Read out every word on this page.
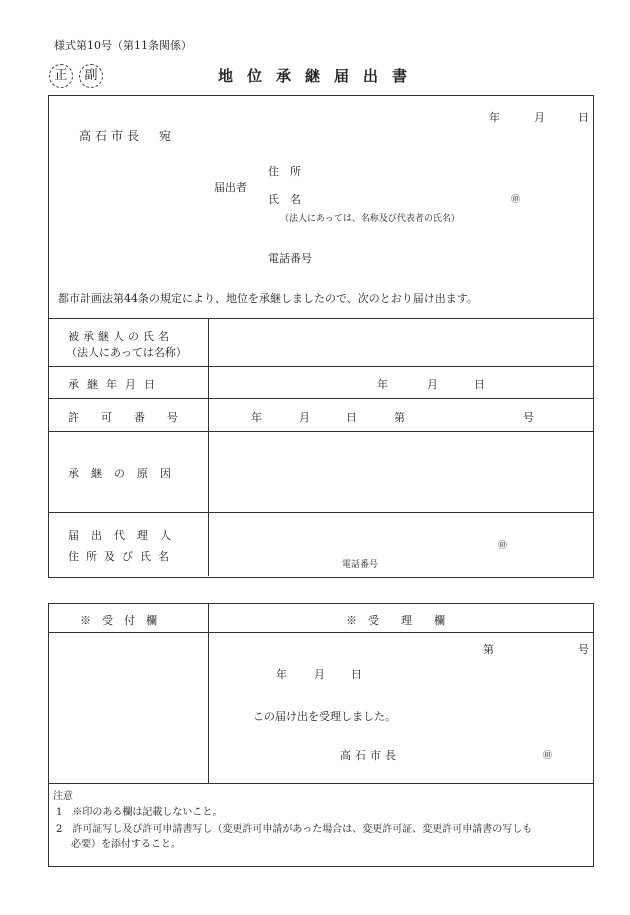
様式第10号（第11条関係）
正	副	地位承継届出書
年	月	日
高石市長　宛
届出者
住　所
氏　名	㊞
（法人にあっては、名称及び代表者の氏名）
電話番号
都市計画法第44条の規定により、地位を承継しましたので、次のとおり届け出ます。
被承継人の氏名
（法人にあっては名称）
承継年月日	年	月	日
許可番号	年	月	日	第	号
承継の原因
届出代理人
住所及び氏名
㊞
電話番号
※　受　付　欄	※　受　　理　　欄
第	号
年 月 日
この届け出を受理しました。
高石市長	㊞
注意
1　※印のある欄は記載しないこと。
2　許可証写し及び許可申請書写し（変更許可申請があった場合は、変更許可証、変更許可申請書の写しも
必要）を添付すること。
